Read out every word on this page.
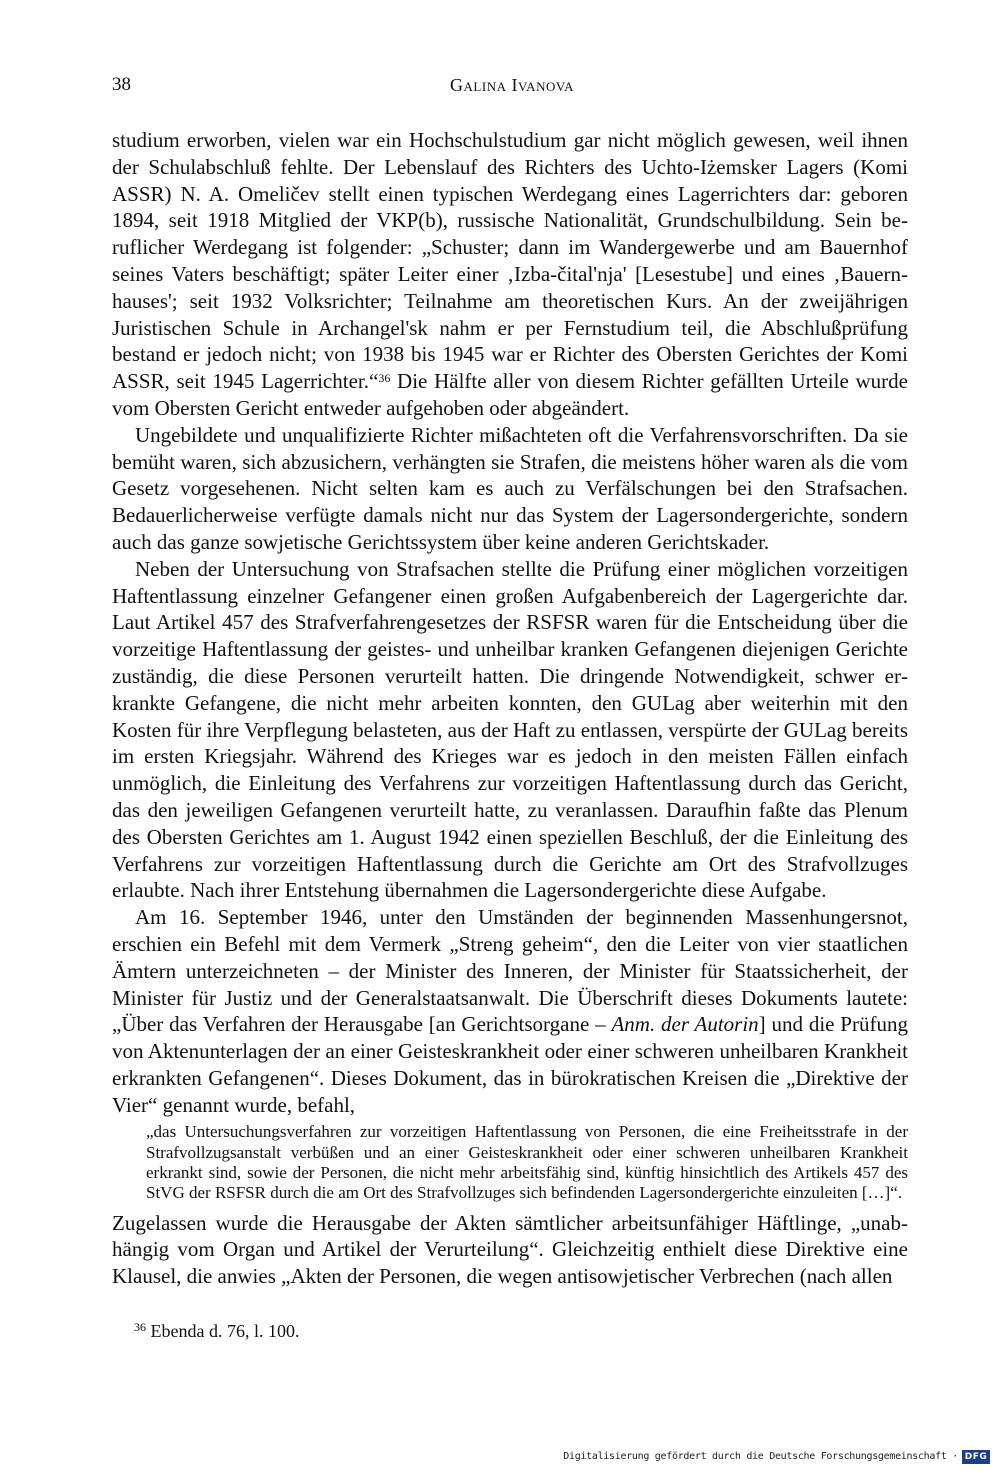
38	Galina Ivanova

studium erworben, vielen war ein Hochschulstudium gar nicht möglich gewesen, weil ihnen der Schulabschluß fehlte. Der Lebenslauf des Richters des Uchto-Iżemsker Lagers (Komi ASSR) N. A. Omeličev stellt einen typischen Werdegang eines Lagerrichters dar: geboren 1894, seit 1918 Mitglied der VKP(b), russische Nationalität, Grundschulbildung. Sein beruflicher Werdegang ist folgender: „Schuster; dann im Wandergewerbe und am Bauernhof seines Vaters beschäftigt; später Leiter einer ‚Izba-čital'nja' [Lesestube] und eines ‚Bauernhauses'; seit 1932 Volksrichter; Teilnahme am theoretischen Kurs. An der zweijährigen Juristischen Schule in Archangel'sk nahm er per Fernstudium teil, die Abschlußprüfung bestand er jedoch nicht; von 1938 bis 1945 war er Richter des Obersten Gerichtes der Komi ASSR, seit 1945 Lagerrichter.“$^{36}$ Die Hälfte aller von diesem Richter gefällten Urteile wurde vom Obersten Gericht entweder aufgehoben oder abgeändert.

Ungebildete und unqualifizierte Richter mißachteten oft die Verfahrensvorschriften. Da sie bemüht waren, sich abzusichern, verhängten sie Strafen, die meistens höher waren als die vom Gesetz vorgesehenen. Nicht selten kam es auch zu Verfälschungen bei den Strafsachen. Bedauerlicherweise verfügte damals nicht nur das System der Lagersondergerichte, sondern auch das ganze sowjetische Gerichtssystem über keine anderen Gerichtskader.

Neben der Untersuchung von Strafsachen stellte die Prüfung einer möglichen vorzeitigen Haftentlassung einzelner Gefangener einen großen Aufgabenbereich der Lagergerichte dar. Laut Artikel 457 des Strafverfahrengesetzes der RSFSR waren für die Entscheidung über die vorzeitige Haftentlassung der geistes- und unheilbar kranken Gefangenen diejenigen Gerichte zuständig, die diese Personen verurteilt hatten. Die dringende Notwendigkeit, schwer erkrankte Gefangene, die nicht mehr arbeiten konnten, den GULag aber weiterhin mit den Kosten für ihre Verpflegung belasteten, aus der Haft zu entlassen, verspürte der GULag bereits im ersten Kriegsjahr. Während des Krieges war es jedoch in den meisten Fällen einfach unmöglich, die Einleitung des Verfahrens zur vorzeitigen Haftentlassung durch das Gericht, das den jeweiligen Gefangenen verurteilt hatte, zu veranlassen. Daraufhin faßte das Plenum des Obersten Gerichtes am 1. August 1942 einen speziellen Beschluß, der die Einleitung des Verfahrens zur vorzeitigen Haftentlassung durch die Gerichte am Ort des Strafvollzuges erlaubte. Nach ihrer Entstehung übernahmen die Lagersondergerichte diese Aufgabe.

Am 16. September 1946, unter den Umständen der beginnenden Massenhungersnot, erschien ein Befehl mit dem Vermerk „Streng geheim“, den die Leiter von vier staatlichen Ämtern unterzeichneten – der Minister des Inneren, der Minister für Staatssicherheit, der Minister für Justiz und der Generalstaatsanwalt. Die Überschrift dieses Dokuments lautete: „Über das Verfahren der Herausgabe [an Gerichtsorgane – Anm. der Autorin] und die Prüfung von Aktenunterlagen der an einer Geisteskrankheit oder einer schweren unheilbaren Krankheit erkrankten Gefangenen“. Dieses Dokument, das in bürokratischen Kreisen die „Direktive der Vier“ genannt wurde, befahl,

„das Untersuchungsverfahren zur vorzeitigen Haftentlassung von Personen, die eine Freiheitsstrafe in der Strafvollzugsanstalt verbüßen und an einer Geisteskrankheit oder einer schweren unheilbaren Krankheit erkrankt sind, sowie der Personen, die nicht mehr arbeitsfähig sind, künftig hinsichtlich des Artikels 457 des StVG der RSFSR durch die am Ort des Strafvollzuges sich befindenden Lagersondergerichte einzuleiten […]“.

Zugelassen wurde die Herausgabe der Akten sämtlicher arbeitsunfähiger Häftlinge, „unabhängig vom Organ und Artikel der Verurteilung“. Gleichzeitig enthielt diese Direktive eine Klausel, die anwies „Akten der Personen, die wegen antisowjetischer Verbrechen (nach allen

$^{36}$ Ebenda d. 76, l. 100.
Digitalisierung gefördert durch die Deutsche Forschungsgemeinschaft · DFG
